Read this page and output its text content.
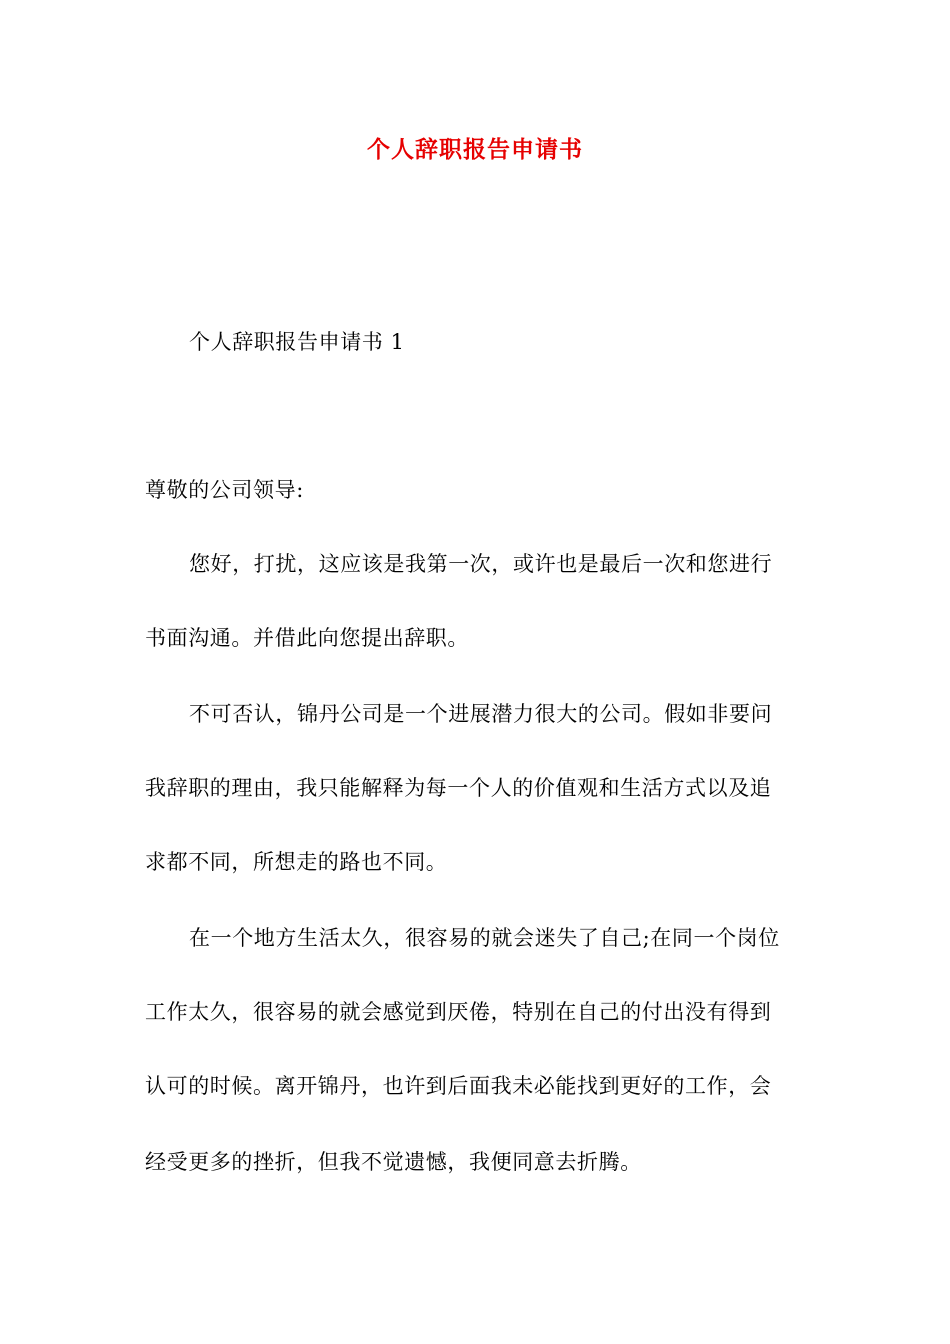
个人辞职报告申请书
个人辞职报告申请书 1
尊敬的公司领导:
您好，打扰，这应该是我第一次，或许也是最后一次和您进行
书面沟通。并借此向您提出辞职。
不可否认，锦丹公司是一个进展潜力很大的公司。假如非要问
我辞职的理由，我只能解释为每一个人的价值观和生活方式以及追
求都不同，所想走的路也不同。
在一个地方生活太久，很容易的就会迷失了自己;在同一个岗位
工作太久，很容易的就会感觉到厌倦，特别在自己的付出没有得到
认可的时候。离开锦丹，也许到后面我未必能找到更好的工作，会
经受更多的挫折，但我不觉遗憾，我便同意去折腾。
